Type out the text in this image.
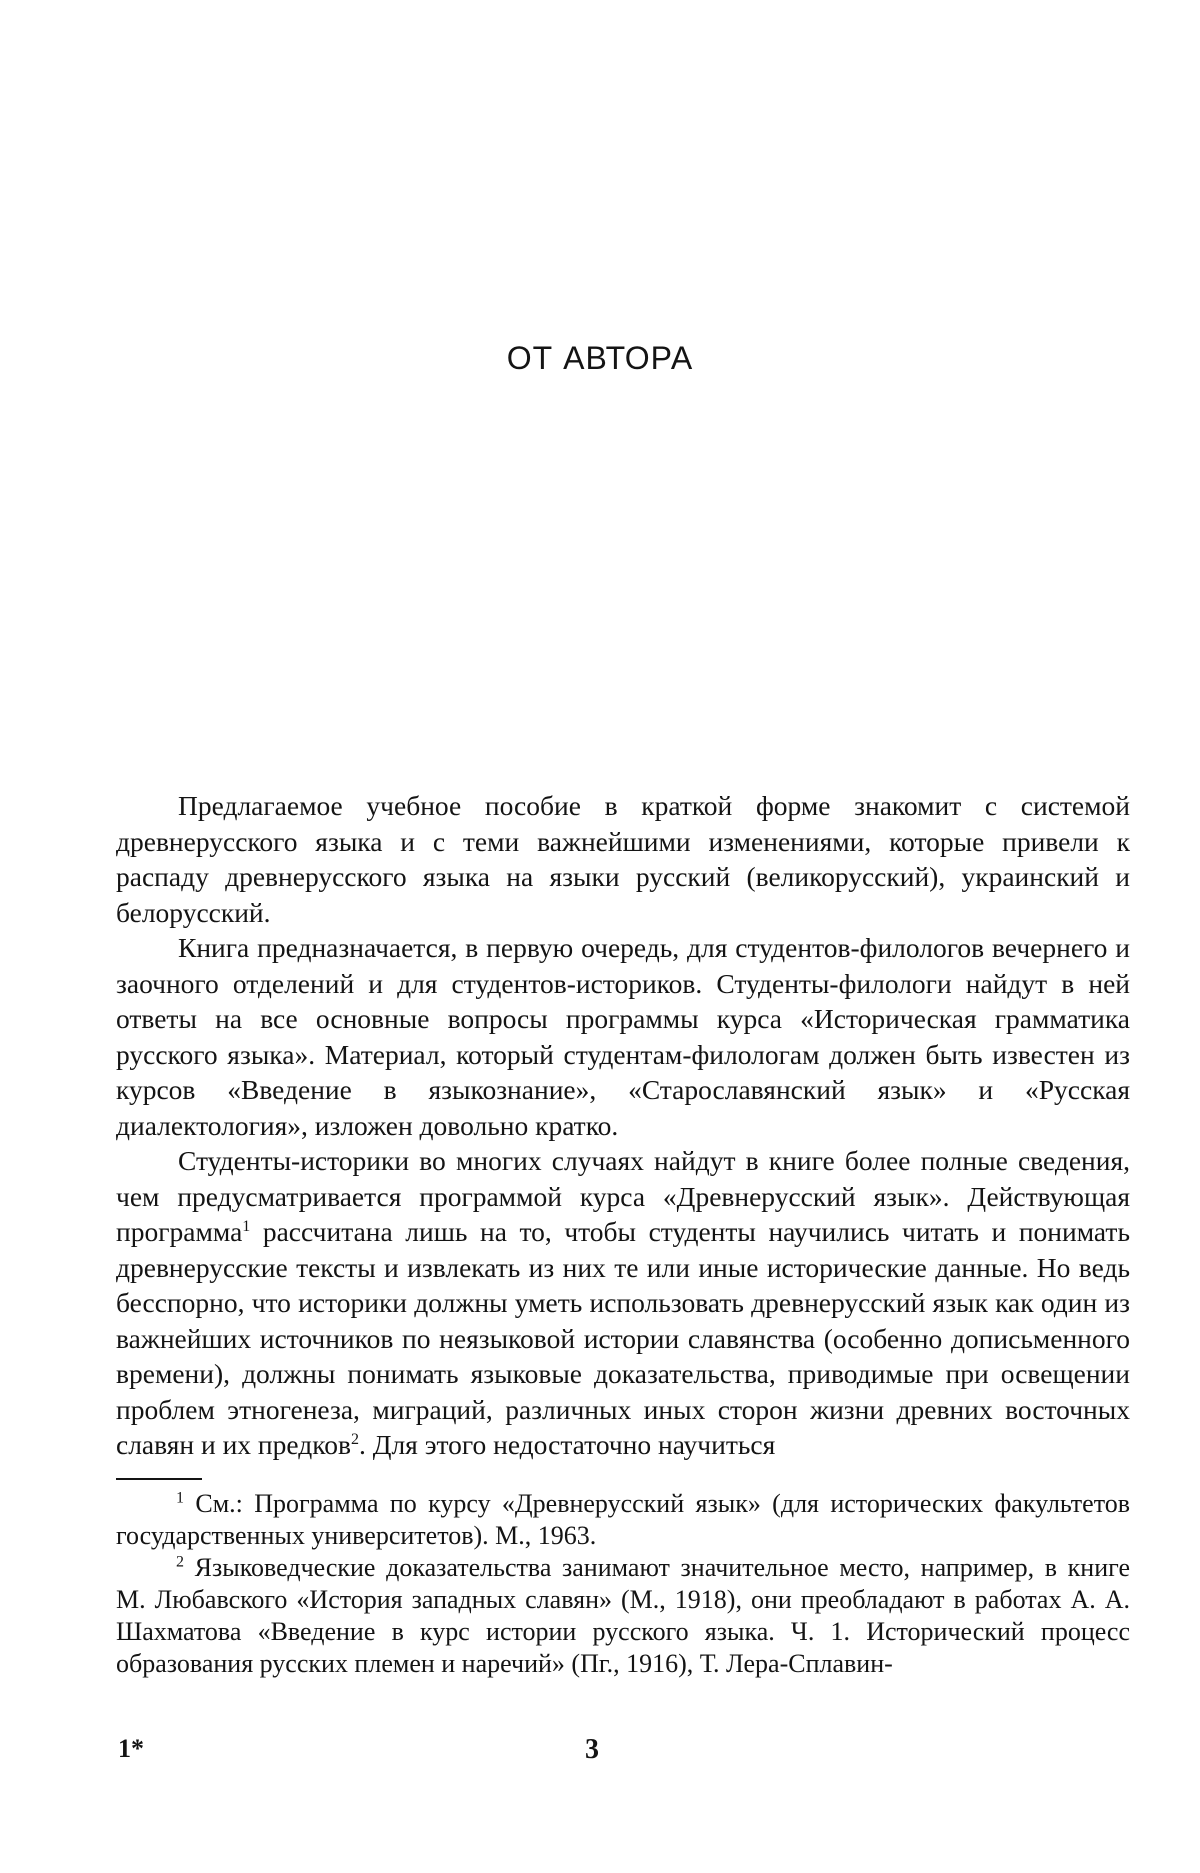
ОТ АВТОРА

Предлагаемое учебное пособие в краткой форме знакомит с системой древнерусского языка и с теми важнейшими изменениями, которые привели к распаду древнерусского языка на языки русский (великорусский), украинский и белорусский.

Книга предназначается, в первую очередь, для студентов-филологов вечернего и заочного отделений и для студентов-историков. Студенты-филологи найдут в ней ответы на все основные вопросы программы курса «Историческая грамматика русского языка». Материал, который студентам-филологам должен быть известен из курсов «Введение в языкознание», «Старославянский язык» и «Русская диалектология», изложен довольно кратко.

Студенты-историки во многих случаях найдут в книге более полные сведения, чем предусматривается программой курса «Древнерусский язык». Действующая программа$^1$ рассчитана лишь на то, чтобы студенты научились читать и понимать древнерусские тексты и извлекать из них те или иные исторические данные. Но ведь бесспорно, что историки должны уметь использовать древнерусский язык как один из важнейших источников по неязыковой истории славянства (особенно дописьменного времени), должны понимать языковые доказательства, приводимые при освещении проблем этногенеза, миграций, различных иных сторон жизни древних восточных славян и их предков$^2$. Для этого недостаточно научиться

$^1$ См.: Программа по курсу «Древнерусский язык» (для исторических факультетов государственных университетов). М., 1963.

$^2$ Языковедческие доказательства занимают значительное место, например, в книге М. Любавского «История западных славян» (М., 1918), они преобладают в работах А. А. Шахматова «Введение в курс истории русского языка. Ч. 1. Исторический процесс образования русских племен и наречий» (Пг., 1916), Т. Лера-Сплавин-

1*	3
